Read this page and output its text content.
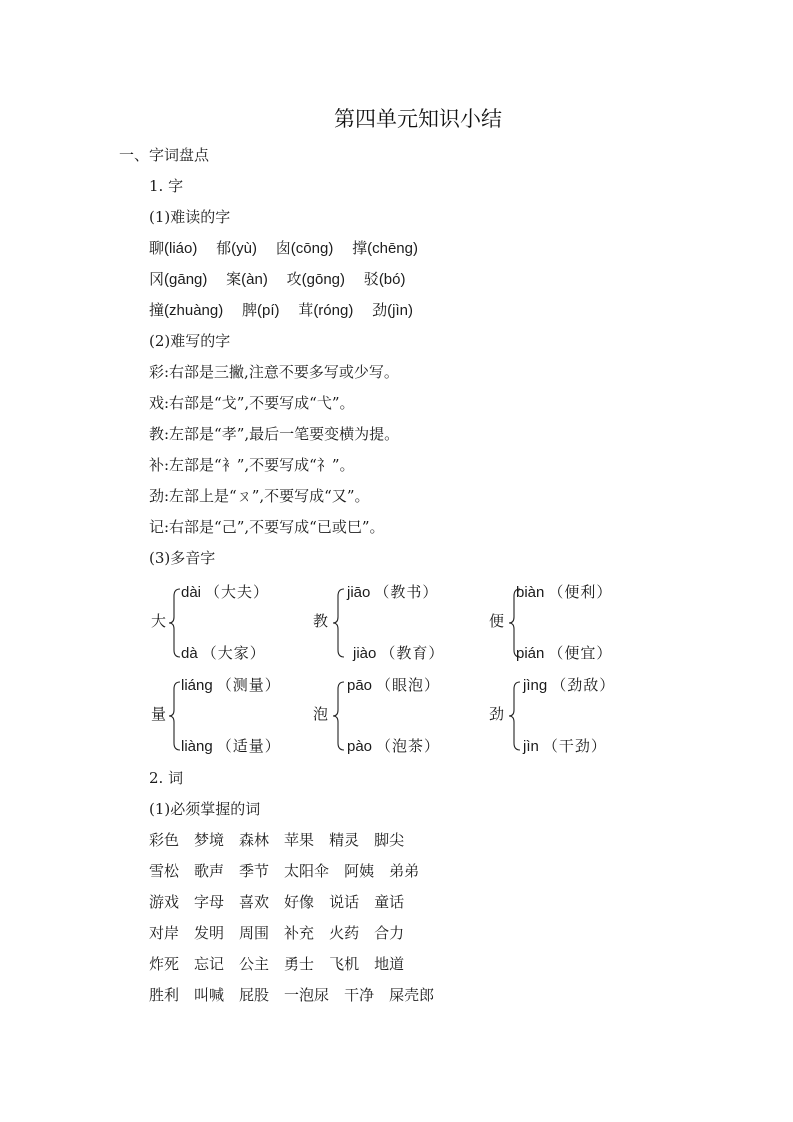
第四单元知识小结
一、字词盘点
1. 字
(1)难读的字
聊(liáo) 郁(yù) 囱(cōng) 撑(chēng)
冈(gāng) 案(àn) 攻(gōng) 驳(bó)
撞(zhuàng) 脾(pí) 茸(róng) 劲(jìn)
(2)难写的字
彩:右部是三撇,注意不要多写或少写。
戏:右部是“戈”,不要写成“弋”。
教:左部是“孝”,最后一笔要变横为提。
补:左部是“衤”,不要写成“礻”。
劲:左部上是“ㄡ”,不要写成“又”。
记:右部是“己”,不要写成“已或巳”。
(3)多音字
大
dài （大夫）
dà （大家）
教
jiāo （教书）
jiào （教育）
便
biàn （便利）
pián （便宜）
量
liáng （测量）
liàng （适量）
泡
pāo （眼泡）
pào （泡茶）
劲
jìng （劲敌）
jìn （干劲）
2. 词
(1)必须掌握的词
彩色 梦境 森林 苹果 精灵 脚尖
雪松 歌声 季节 太阳伞 阿姨 弟弟
游戏 字母 喜欢 好像 说话 童话
对岸 发明 周围 补充 火药 合力
炸死 忘记 公主 勇士 飞机 地道
胜利 叫喊 屁股 一泡尿 干净 屎壳郎
